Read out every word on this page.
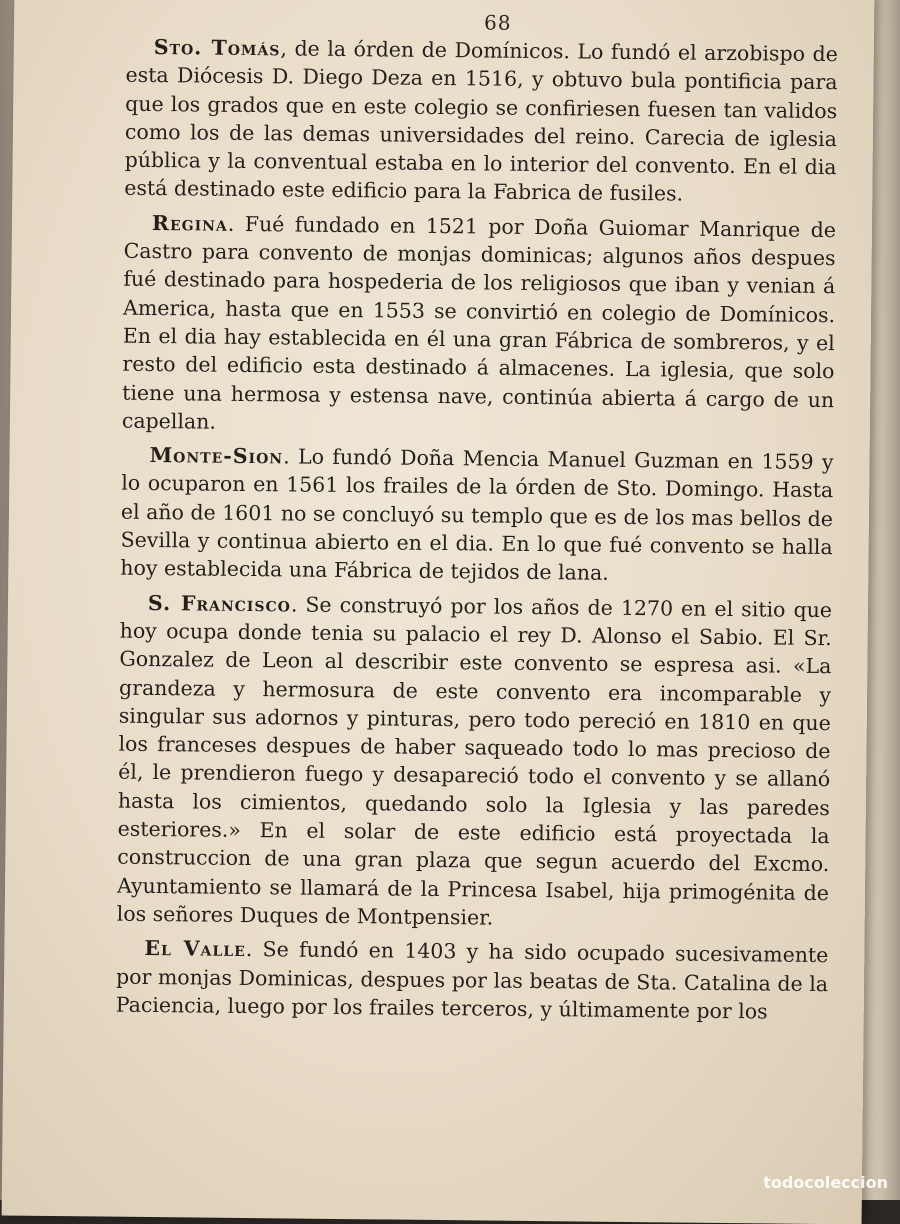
68

Sto. Tomás, de la órden de Domínicos. Lo fundó el arzobispo de esta Diócesis D. Diego Deza en 1516, y obtuvo bula pontificia para que los grados que en este colegio se confiriesen fuesen tan validos como los de las demas universidades del reino. Carecia de iglesia pública y la conventual estaba en lo interior del convento. En el dia está destinado este edificio para la Fabrica de fusiles.

Regina. Fué fundado en 1521 por Doña Guiomar Manrique de Castro para convento de monjas dominicas; algunos años despues fué destinado para hospederia de los religiosos que iban y venian á America, hasta que en 1553 se convirtió en colegio de Domínicos. En el dia hay establecida en él una gran Fábrica de sombreros, y el resto del edificio esta destinado á almacenes. La iglesia, que solo tiene una hermosa y estensa nave, continúa abierta á cargo de un capellan.

Monte-Sion. Lo fundó Doña Mencia Manuel Guzman en 1559 y lo ocuparon en 1561 los frailes de la órden de Sto. Domingo. Hasta el año de 1601 no se concluyó su templo que es de los mas bellos de Sevilla y continua abierto en el dia. En lo que fué convento se halla hoy establecida una Fábrica de tejidos de lana.

S. Francisco. Se construyó por los años de 1270 en el sitio que hoy ocupa donde tenia su palacio el rey D. Alonso el Sabio. El Sr. Gonzalez de Leon al describir este convento se espresa asi. «La grandeza y hermosura de este convento era incomparable y singular sus adornos y pinturas, pero todo pereció en 1810 en que los franceses despues de haber saqueado todo lo mas precioso de él, le prendieron fuego y desapareció todo el convento y se allanó hasta los cimientos, quedando solo la Iglesia y las paredes esteriores.» En el solar de este edificio está proyectada la construccion de una gran plaza que segun acuerdo del Excmo. Ayuntamiento se llamará de la Princesa Isabel, hija primogénita de los señores Duques de Montpensier.

El Valle. Se fundó en 1403 y ha sido ocupado sucesivamente por monjas Dominicas, despues por las beatas de Sta. Catalina de la Paciencia, luego por los frailes terceros, y últimamente por los

todocoleccion
